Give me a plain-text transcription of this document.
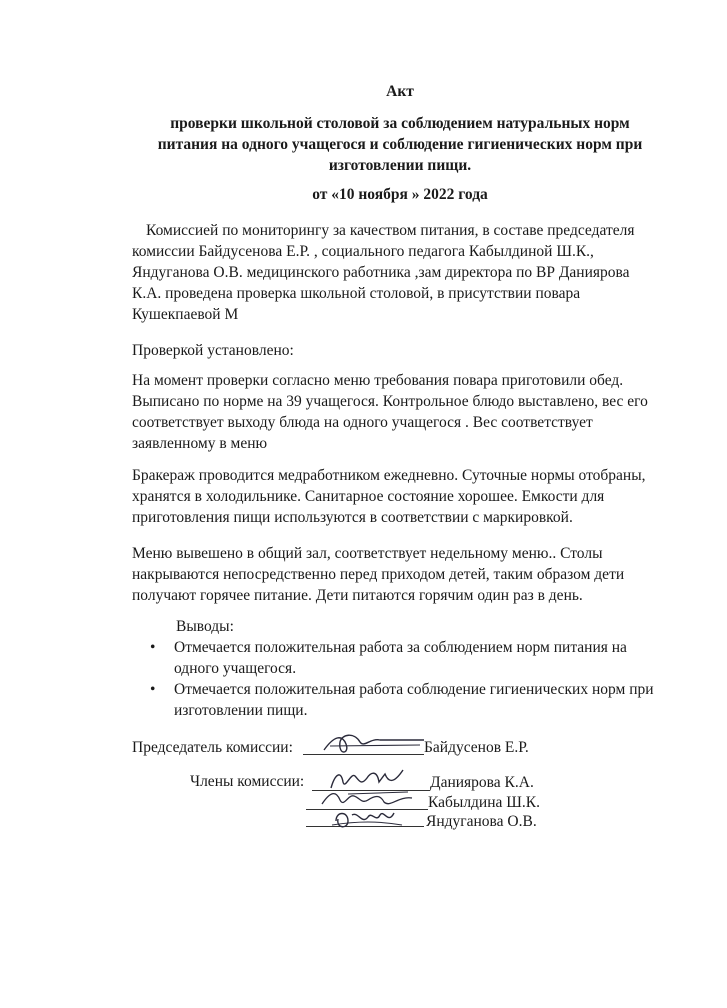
Акт
проверки школьной столовой за соблюдением натуральных норм
питания на одного учащегося и соблюдение гигиенических норм при
изготовлении пищи.
от «10 ноября » 2022 года

Комиссией по мониторингу за качеством питания, в составе председателя

комиссии Байдусенова Е.Р. , социального педагога Кабылдиной Ш.К.,

Яндуганова О.В. медицинского работника ,зам директора по ВР Даниярова

К.А. проведена проверка школьной столовой, в присутствии повара

Кушекпаевой М

Проверкой установлено:

На момент проверки согласно меню требования повара приготовили обед.

Выписано по норме на 39 учащегося. Контрольное блюдо выставлено, вес его

соответствует выходу блюда на одного учащегося . Вес соответствует

заявленному в меню

Бракераж проводится медработником ежедневно. Суточные нормы отобраны,

хранятся в холодильнике. Санитарное состояние хорошее. Емкости для

приготовления пищи используются в соответствии с маркировкой.

Меню вывешено в общий зал, соответствует недельному меню.. Столы

накрываются непосредственно перед приходом детей, таким образом дети

получают горячее питание. Дети питаются горячим один раз в день.

Выводы:
• Отмечается положительная работа за соблюдением норм питания на
одного учащегося.
• Отмечается положительная работа соблюдение гигиенических норм при
изготовлении пищи.
Председатель комиссии:	Байдусенов Е.Р.
Члены комиссии:	Даниярова К.А.
Кабылдина Ш.К.
Яндуганова О.В.
